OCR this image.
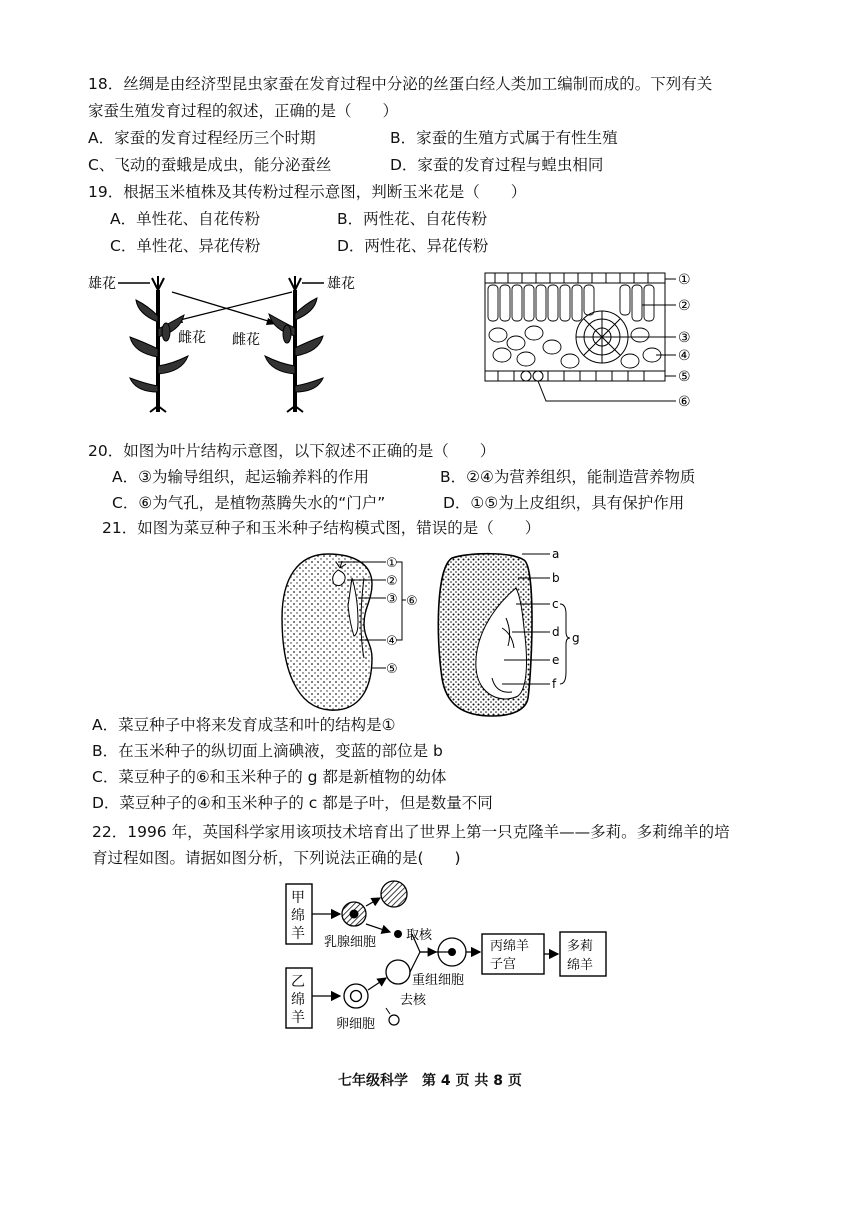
18．丝绸是由经济型昆虫家蚕在发育过程中分泌的丝蛋白经人类加工编制而成的。下列有关
家蚕生殖发育过程的叙述，正确的是（　　）
A．家蚕的发育过程经历三个时期	B．家蚕的生殖方式属于有性生殖
C、飞动的蚕蛾是成虫，能分泌蚕丝	D．家蚕的发育过程与蝗虫相同
19．根据玉米植株及其传粉过程示意图，判断玉米花是（　　）
A．单性花、自花传粉	B．两性花、自花传粉
C．单性花、异花传粉	D．两性花、异花传粉
雄花	雄花
雌花 雌花
①
②
③
④
⑤
⑥
20．如图为叶片结构示意图，以下叙述不正确的是（　　）
A．③为输导组织，起运输养料的作用	B．②④为营养组织，能制造营养物质
C．⑥为气孔，是植物蒸腾失水的“门户”	D．①⑤为上皮组织，具有保护作用
21．如图为菜豆种子和玉米种子结构模式图，错误的是（　　）
①
②
③
④
⑤
⑥
a
b
c
d
e
f
g
A．菜豆种子中将来发育成茎和叶的结构是①
B．在玉米种子的纵切面上滴碘液，变蓝的部位是 b
C．菜豆种子的⑥和玉米种子的 g 都是新植物的幼体
D．菜豆种子的④和玉米种子的 c 都是子叶，但是数量不同
22．1996 年，英国科学家用该项技术培育出了世界上第一只克隆羊——多莉。多莉绵羊的培
育过程如图。请据如图分析，下列说法正确的是(　　)
甲
绵
羊
乳腺细胞 取核
乙
绵
羊 卵细胞
去核
重组细胞
丙绵羊
子宫
多莉
绵羊
七年级科学　第 4 页 共 8 页
